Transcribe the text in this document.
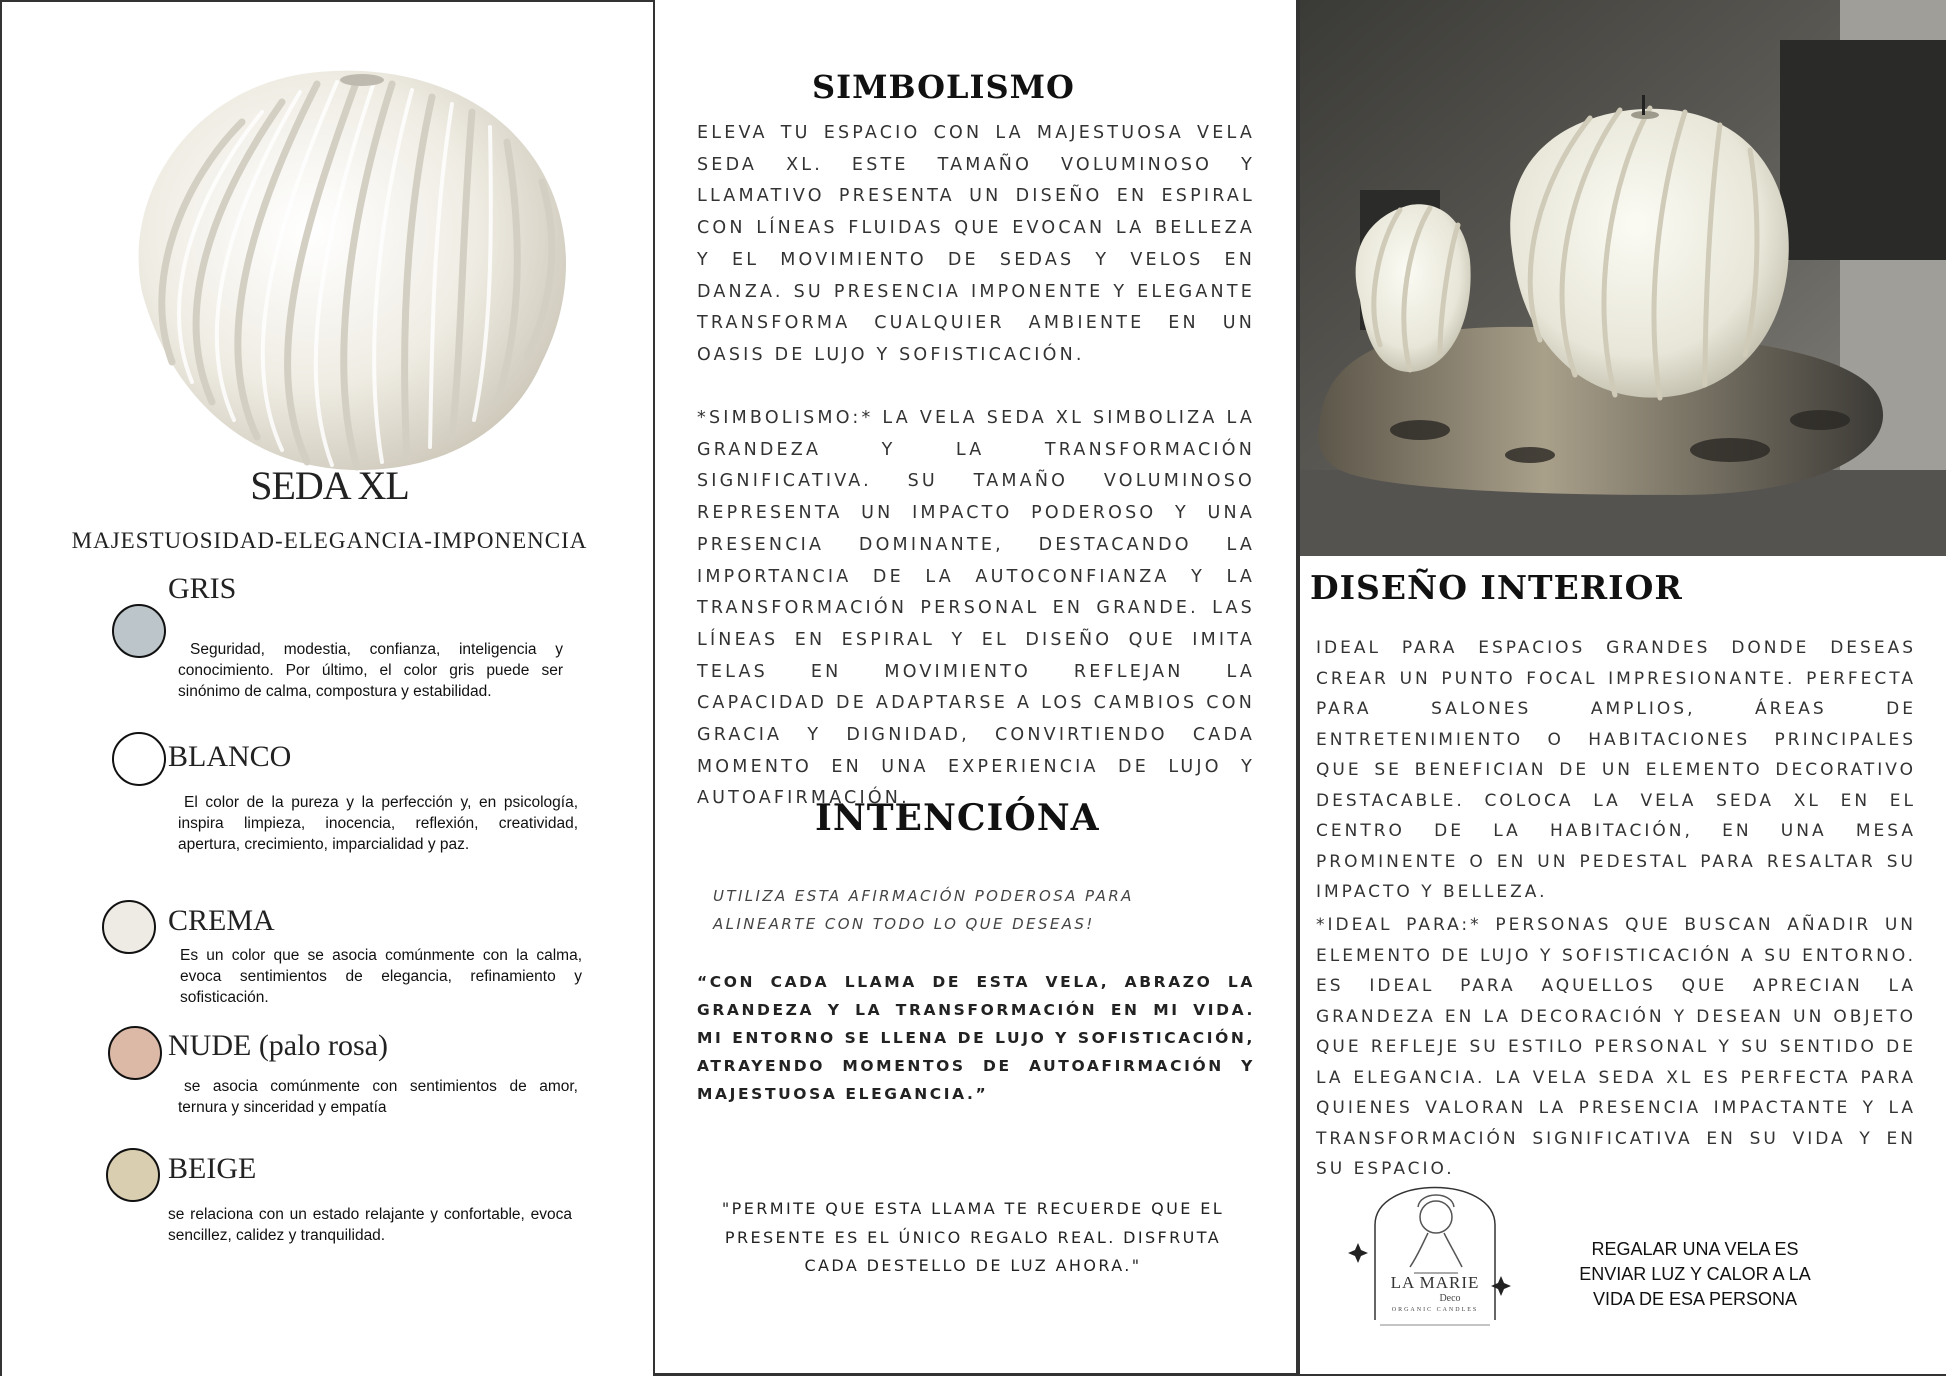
SEDA XL
MAJESTUOSIDAD-ELEGANCIA-IMPONENCIA
GRIS
Seguridad, modestia, confianza, inteligencia y conocimiento. Por último, el color gris puede ser sinónimo de calma, compostura y estabilidad.
BLANCO
El color de la pureza y la perfección y, en psicología, inspira limpieza, inocencia, reflexión, creatividad, apertura, crecimiento, imparcialidad y paz.
CREMA
Es un color que se asocia comúnmente con la calma, evoca sentimientos de elegancia, refinamiento y sofisticación.
NUDE (palo rosa)
se asocia comúnmente con sentimientos de amor, ternura y sinceridad y empatía
BEIGE
se relaciona con un estado relajante y confortable, evoca sencillez, calidez y tranquilidad.
SIMBOLISMO
ELEVA TU ESPACIO CON LA MAJESTUOSA VELA SEDA XL. ESTE TAMAÑO VOLUMINOSO Y LLAMATIVO PRESENTA UN DISEÑO EN ESPIRAL CON LÍNEAS FLUIDAS QUE EVOCAN LA BELLEZA Y EL MOVIMIENTO DE SEDAS Y VELOS EN DANZA. SU PRESENCIA IMPONENTE Y ELEGANTE TRANSFORMA CUALQUIER AMBIENTE EN UN OASIS DE LUJO Y SOFISTICACIÓN.
*SIMBOLISMO:* LA VELA SEDA XL SIMBOLIZA LA GRANDEZA Y LA TRANSFORMACIÓN SIGNIFICATIVA. SU TAMAÑO VOLUMINOSO REPRESENTA UN IMPACTO PODEROSO Y UNA PRESENCIA DOMINANTE, DESTACANDO LA IMPORTANCIA DE LA AUTOCONFIANZA Y LA TRANSFORMACIÓN PERSONAL EN GRANDE. LAS LÍNEAS EN ESPIRAL Y EL DISEÑO QUE IMITA TELAS EN MOVIMIENTO REFLEJAN LA CAPACIDAD DE ADAPTARSE A LOS CAMBIOS CON GRACIA Y DIGNIDAD, CONVIRTIENDO CADA MOMENTO EN UNA EXPERIENCIA DE LUJO Y AUTOAFIRMACIÓN.
INTENCIÓNA
UTILIZA ESTA AFIRMACIÓN PODEROSA PARA ALINEARTE CON TODO LO QUE DESEAS!
“CON CADA LLAMA DE ESTA VELA, ABRAZO LA GRANDEZA Y LA TRANSFORMACIÓN EN MI VIDA. MI ENTORNO SE LLENA DE LUJO Y SOFISTICACIÓN, ATRAYENDO MOMENTOS DE AUTOAFIRMACIÓN Y MAJESTUOSA ELEGANCIA.”
"PERMITE QUE ESTA LLAMA TE RECUERDE QUE EL PRESENTE ES EL ÚNICO REGALO REAL. DISFRUTA CADA DESTELLO DE LUZ AHORA."
DISEÑO INTERIOR
IDEAL PARA ESPACIOS GRANDES DONDE DESEAS CREAR UN PUNTO FOCAL IMPRESIONANTE. PERFECTA PARA SALONES AMPLIOS, ÁREAS DE ENTRETENIMIENTO O HABITACIONES PRINCIPALES QUE SE BENEFICIAN DE UN ELEMENTO DECORATIVO DESTACABLE. COLOCA LA VELA SEDA XL EN EL CENTRO DE LA HABITACIÓN, EN UNA MESA PROMINENTE O EN UN PEDESTAL PARA RESALTAR SU IMPACTO Y BELLEZA.
*IDEAL PARA:* PERSONAS QUE BUSCAN AÑADIR UN ELEMENTO DE LUJO Y SOFISTICACIÓN A SU ENTORNO. ES IDEAL PARA AQUELLOS QUE APRECIAN LA GRANDEZA EN LA DECORACIÓN Y DESEAN UN OBJETO QUE REFLEJE SU ESTILO PERSONAL Y SU SENTIDO DE LA ELEGANCIA. LA VELA SEDA XL ES PERFECTA PARA QUIENES VALORAN LA PRESENCIA IMPACTANTE Y LA TRANSFORMACIÓN SIGNIFICATIVA EN SU VIDA Y EN SU ESPACIO.
LA MARIE
Deco
ORGANIC CANDLES
REGALAR UNA VELA ES ENVIAR LUZ Y CALOR A LA VIDA DE ESA PERSONA
